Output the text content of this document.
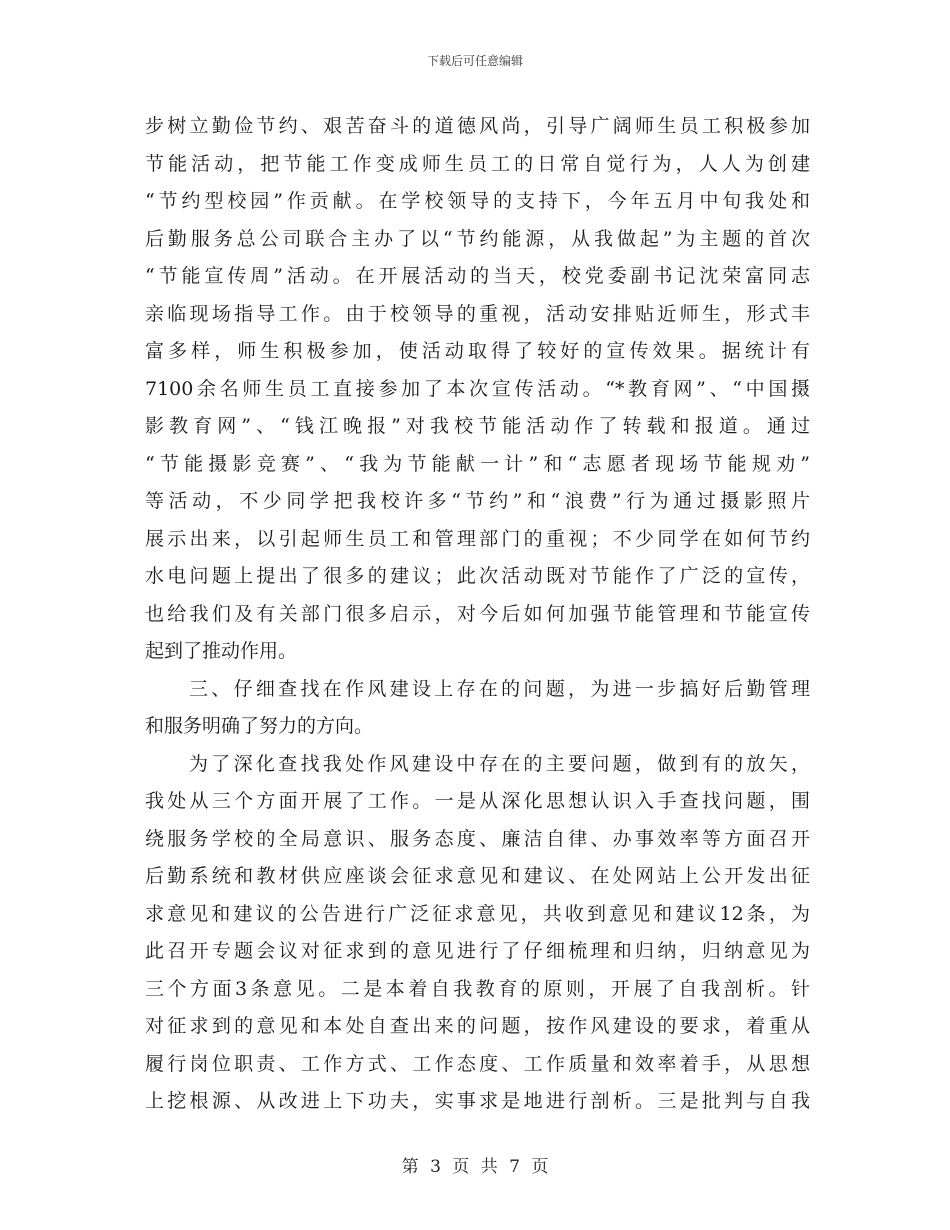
下载后可任意编辑
步树立勤俭节约、艰苦奋斗的道德风尚，引导广阔师生员工积极参加
节能活动，把节能工作变成师生员工的日常自觉行为，人人为创建
“节约型校园”作贡献。在学校领导的支持下，今年五月中旬我处和
后勤服务总公司联合主办了以“节约能源，从我做起”为主题的首次
“节能宣传周”活动。在开展活动的当天，校党委副书记沈荣富同志
亲临现场指导工作。由于校领导的重视，活动安排贴近师生，形式丰
富多样，师生积极参加，使活动取得了较好的宣传效果。据统计有
7100余名师生员工直接参加了本次宣传活动。“*教育网”、“中国摄
影教育网”、“钱江晚报”对我校节能活动作了转载和报道。通过
“节能摄影竞赛”、“我为节能献一计”和“志愿者现场节能规劝”
等活动，不少同学把我校许多“节约”和“浪费”行为通过摄影照片
展示出来，以引起师生员工和管理部门的重视；不少同学在如何节约
水电问题上提出了很多的建议；此次活动既对节能作了广泛的宣传，
也给我们及有关部门很多启示，对今后如何加强节能管理和节能宣传
起到了推动作用。
三、仔细查找在作风建设上存在的问题，为进一步搞好后勤管理
和服务明确了努力的方向。
为了深化查找我处作风建设中存在的主要问题，做到有的放矢，
我处从三个方面开展了工作。一是从深化思想认识入手查找问题，围
绕服务学校的全局意识、服务态度、廉洁自律、办事效率等方面召开
后勤系统和教材供应座谈会征求意见和建议、在处网站上公开发出征
求意见和建议的公告进行广泛征求意见，共收到意见和建议12条，为
此召开专题会议对征求到的意见进行了仔细梳理和归纳，归纳意见为
三个方面3条意见。二是本着自我教育的原则，开展了自我剖析。针
对征求到的意见和本处自查出来的问题，按作风建设的要求，着重从
履行岗位职责、工作方式、工作态度、工作质量和效率着手，从思想
上挖根源、从改进上下功夫，实事求是地进行剖析。三是批判与自我
第 3 页 共 7 页
